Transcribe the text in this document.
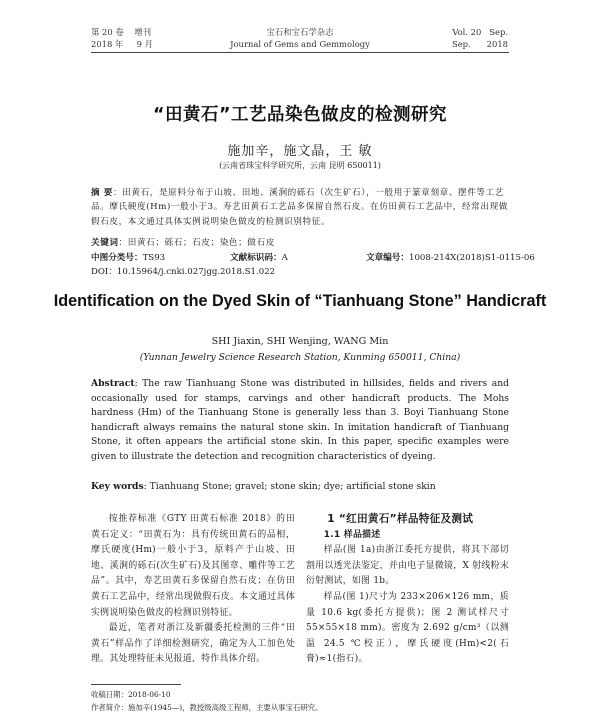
第 20 卷    增刊
2018 年     9 月
宝石和宝石学杂志
Journal of Gems and Gemmology
Vol. 20   Sep.
Sep.      2018
“田黄石”工艺品染色做皮的检测研究
施加辛，施文晶，王 敏
(云南省珠宝科学研究所，云南 昆明 650011)
摘 要：田黄石，是原料分布于山坡、田地、溪涧的砾石（次生矿石），一般用于篆章刻章、摆件等工艺品。摩氏硬度(Hm)一般小于3。寿艺田黄石工艺品多保留自然石皮。在仿田黄石工艺品中，经常出现做假石皮，本文通过具体实例说明染色做皮的检测识别特征。
关键词：田黄石；砾石；石皮；染色；做石皮
中图分类号：TS93	文献标识码：A	文章编号：1008-214X(2018)S1-0115-06
DOI：10.15964/j.cnki.027jgg.2018.S1.022
Identification on the Dyed Skin of “Tianhuang Stone” Handicraft
SHI Jiaxin, SHI Wenjing, WANG Min
(Yunnan Jewelry Science Research Station, Kunming 650011, China)
Abstract: The raw Tianhuang Stone was distributed in hillsides, fields and rivers and occasionally used for stamps, carvings and other handicraft products. The Mohs hardness (Hm) of the Tianhuang Stone is generally less than 3. Boyi Tianhuang Stone handicraft always remains the natural stone skin. In imitation handicraft of Tianhuang Stone, it often appears the artificial stone skin. In this paper, specific examples were given to illustrate the detection and recognition characteristics of dyeing.
Key words: Tianhuang Stone; gravel; stone skin; dye; artificial stone skin

按推荐标准《GTY 田黄石标准 2018》的田黄石定义：“田黄石为：具有传统田黄石的品相，摩氏硬度(Hm)一般小于3，原料产于山坡、田地、溪涧的砾石(次生矿石)及其图章、雕件等工艺品”。其中，寿艺田黄石多保留自然石皮；在仿田黄石工艺品中，经常出现做假石皮。本文通过具体实例说明染色做皮的检测识别特征。

最近，笔者对浙江及新疆委托检测的三件“田黄石”样品作了详细检测研究，确定为人工加色处理。其处理特征未见报道，特作具体介绍。

1 “红田黄石”样品特征及测试

1.1 样品描述

样品(图 1a)由浙江委托方提供，将其下部切割用以透光法鉴定，并由电子显微镜，X 射线粉末衍射测试，如图 1b。

样品(图 1)尺寸为 233×206×126 mm，质量 10.6 kg(委托方提供)；图 2 测试样尺寸 55×55×18 mm)。密度为 2.692 g/cm³（以测温 24.5 ℃校正），摩氏硬度(Hm)<2(石膏)≈1(指石)。

收稿日期：2018-06-10
作者简介：施加辛(1945—)，教授级高级工程师，主要从事宝石研究。
